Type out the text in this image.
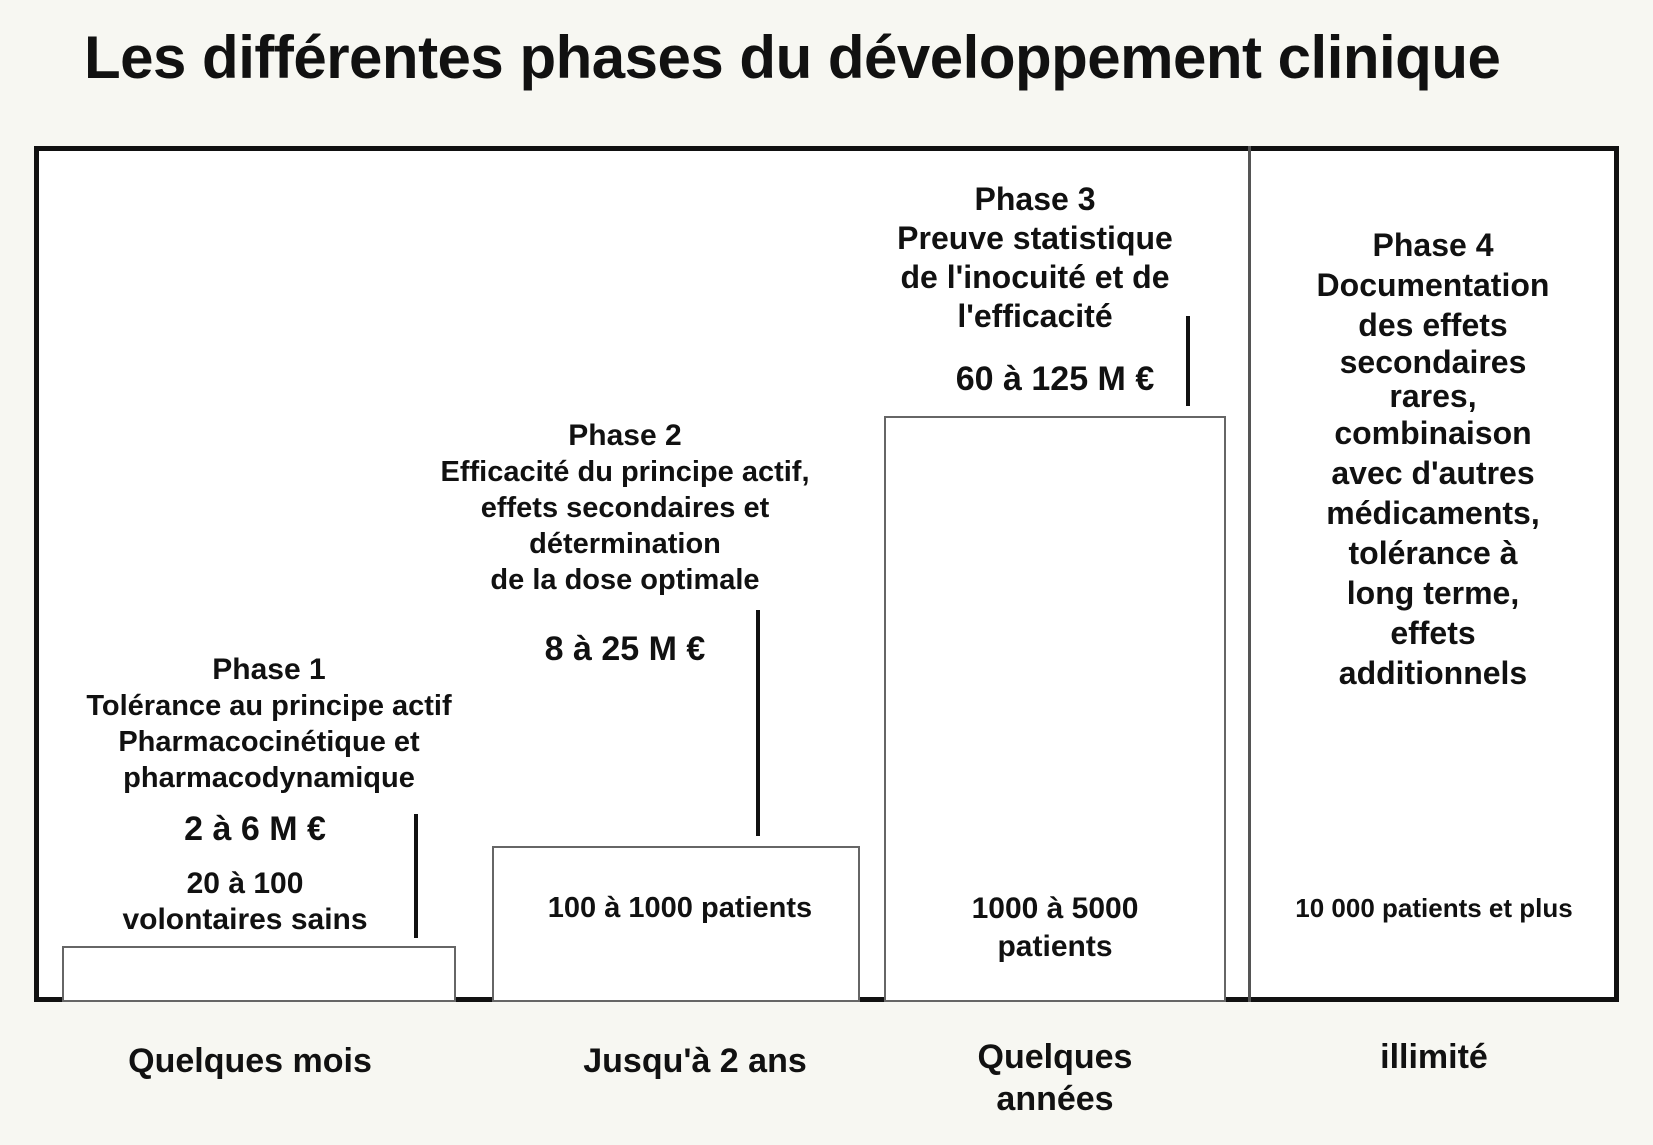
Les différentes phases du développement clinique
Phase 1
Tolérance au principe actif
Pharmacocinétique et
pharmacodynamique
2 à 6 M €
20 à 100
volontaires sains
Phase 2
Efficacité du principe actif,
effets secondaires et
détermination
de la dose optimale
8 à 25 M €
100 à 1000 patients
Phase 3
Preuve statistique
de l'inocuité et de
l'efficacité
60 à 125 M €
1000 à 5000
patients
Phase 4
Documentation
des effets
secondaires
rares,
combinaison
avec d'autres
médicaments,
tolérance à
long terme,
effets
additionnels
10 000 patients et plus
Quelques mois	Jusqu'à 2 ans	Quelques
années
illimité
